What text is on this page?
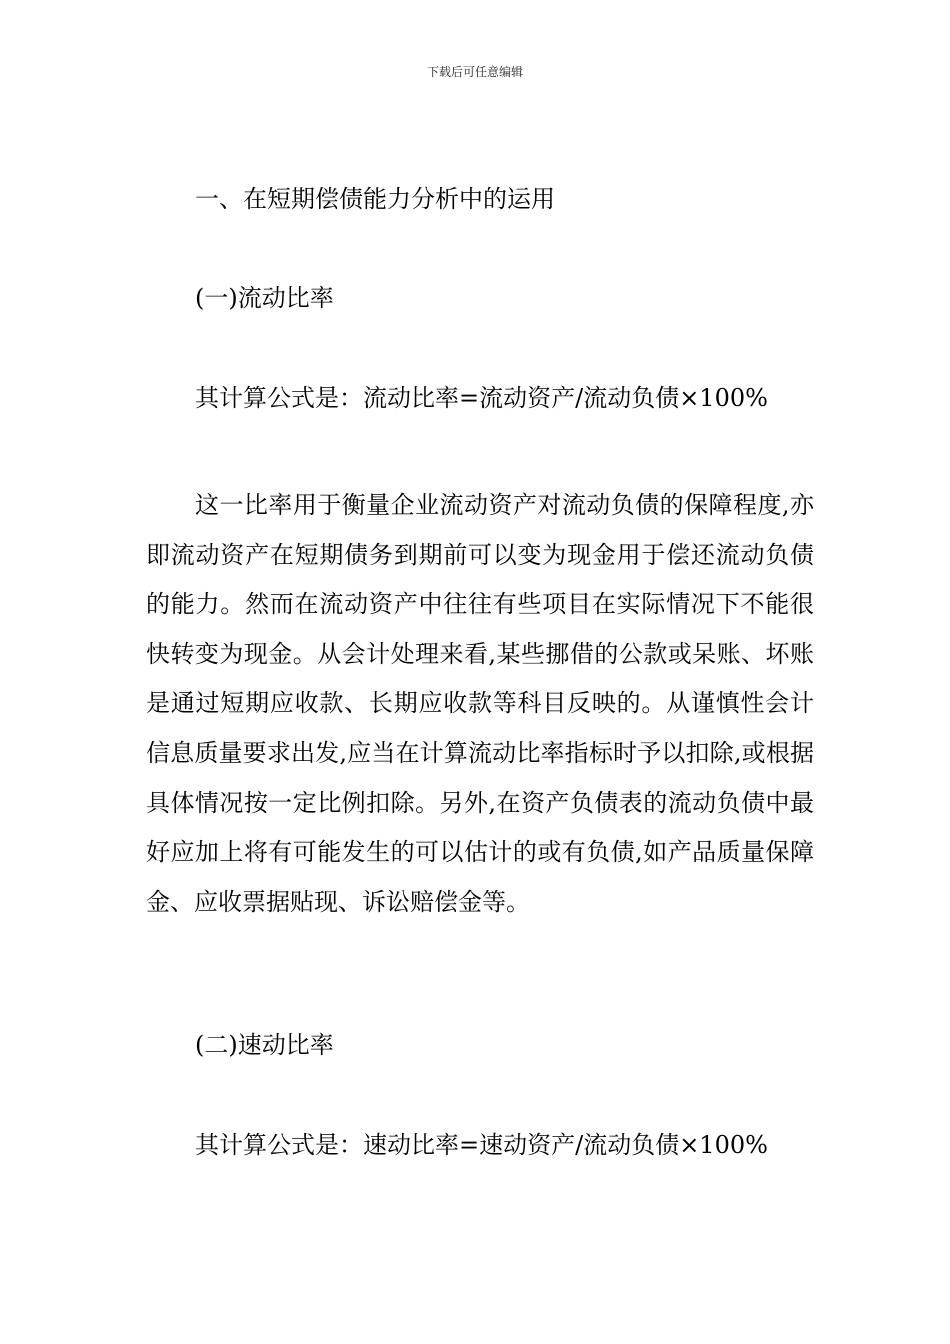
下载后可任意编辑
一、在短期偿债能力分析中的运用
(一)流动比率
其计算公式是：流动比率=流动资产/流动负债×100%
这一比率用于衡量企业流动资产对流动负债的保障程度,亦即流动资产在短期债务到期前可以变为现金用于偿还流动负债的能力。然而在流动资产中往往有些项目在实际情况下不能很快转变为现金。从会计处理来看,某些挪借的公款或呆账、坏账是通过短期应收款、长期应收款等科目反映的。从谨慎性会计信息质量要求出发,应当在计算流动比率指标时予以扣除,或根据具体情况按一定比例扣除。另外,在资产负债表的流动负债中最好应加上将有可能发生的可以估计的或有负债,如产品质量保障金、应收票据贴现、诉讼赔偿金等。
(二)速动比率
其计算公式是：速动比率=速动资产/流动负债×100%
